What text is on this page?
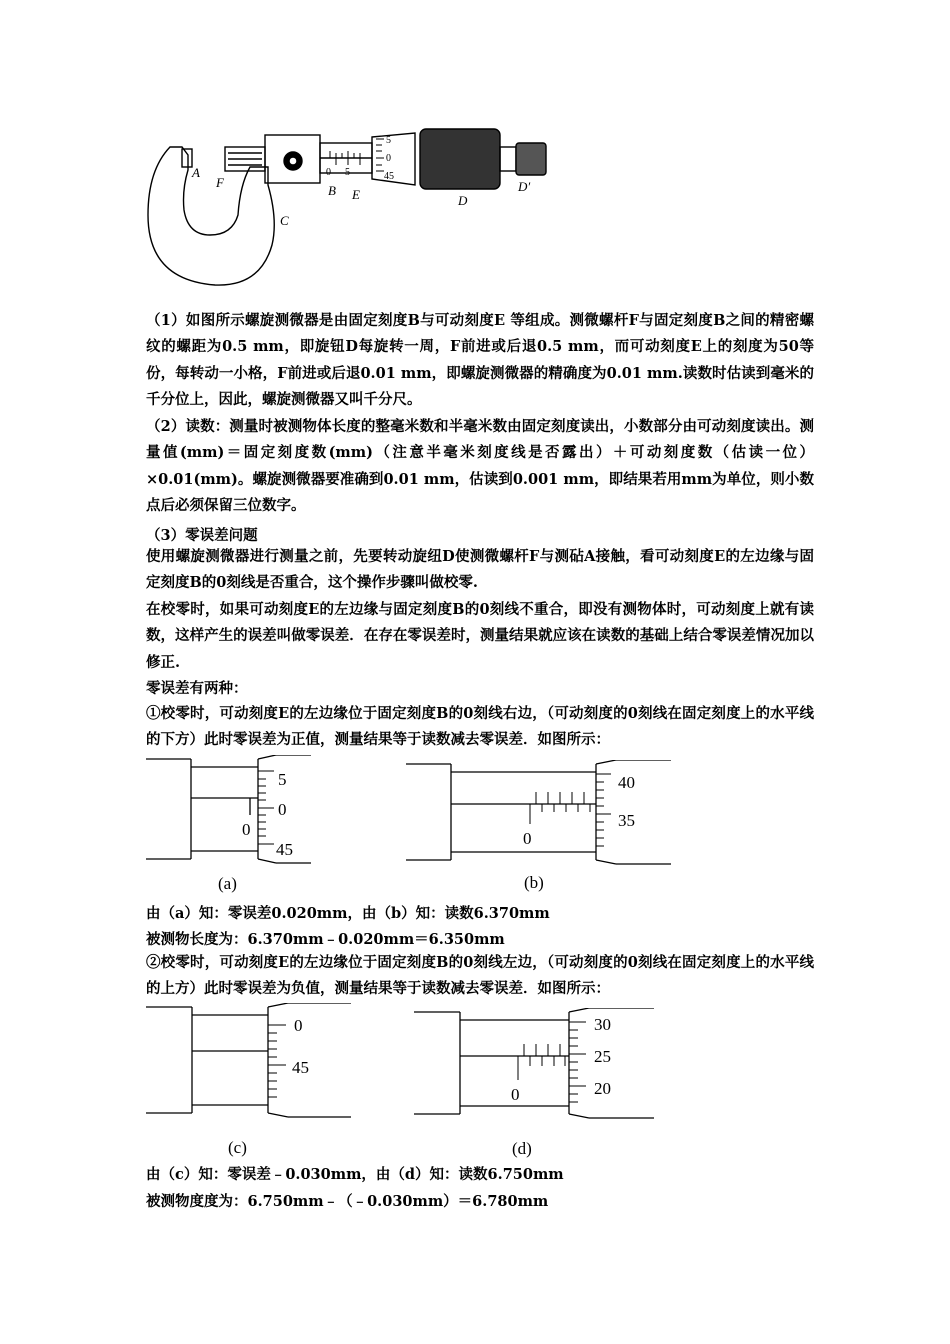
A
F
B E
C
D
D′
5
0
45
0 5
（1）如图所示螺旋测微器是由固定刻度B与可动刻度E 等组成。测微螺杆F与固定刻度B之间的精密螺纹的螺距为0.5 mm，即旋钮D每旋转一周，F前进或后退0.5 mm，而可动刻度E上的刻度为50等份，每转动一小格，F前进或后退0.01 mm，即螺旋测微器的精确度为0.01 mm.读数时估读到毫米的千分位上，因此，螺旋测微器又叫千分尺。
（2）读数：测量时被测物体长度的整毫米数和半毫米数由固定刻度读出，小数部分由可动刻度读出。测量值(mm)＝固定刻度数(mm)（注意半毫米刻度线是否露出）＋可动刻度数（估读一位）×0.01(mm)。螺旋测微器要准确到0.01 mm，估读到0.001 mm，即结果若用mm为单位，则小数点后必须保留三位数字。
（3）零误差问题
使用螺旋测微器进行测量之前，先要转动旋纽D使测微螺杆F与测砧A接触，看可动刻度E的左边缘与固定刻度B的0刻线是否重合，这个操作步骤叫做校零.
在校零时，如果可动刻度E的左边缘与固定刻度B的0刻线不重合，即没有测物体时，可动刻度上就有读数，这样产生的误差叫做零误差．在存在零误差时，测量结果就应该在读数的基础上结合零误差情况加以修正.
零误差有两种：
①校零时，可动刻度E的左边缘位于固定刻度B的0刻线右边，（可动刻度的0刻线在固定刻度上的水平线的下方）此时零误差为正值，测量结果等于读数减去零误差．如图所示：
5
0
45
0
(a)
40
35
0
(b)
由（a）知：零误差0.020mm，由（b）知：读数6.370mm
被测物长度为：6.370mm﹣0.020mm＝6.350mm
②校零时，可动刻度E的左边缘位于固定刻度B的0刻线左边，（可动刻度的0刻线在固定刻度上的水平线的上方）此时零误差为负值，测量结果等于读数减去零误差．如图所示：
0
45
(c)
30
25
20
0
(d)
由（c）知：零误差﹣0.030mm，由（d）知：读数6.750mm
被测物度度为：6.750mm﹣（﹣0.030mm）＝6.780mm
